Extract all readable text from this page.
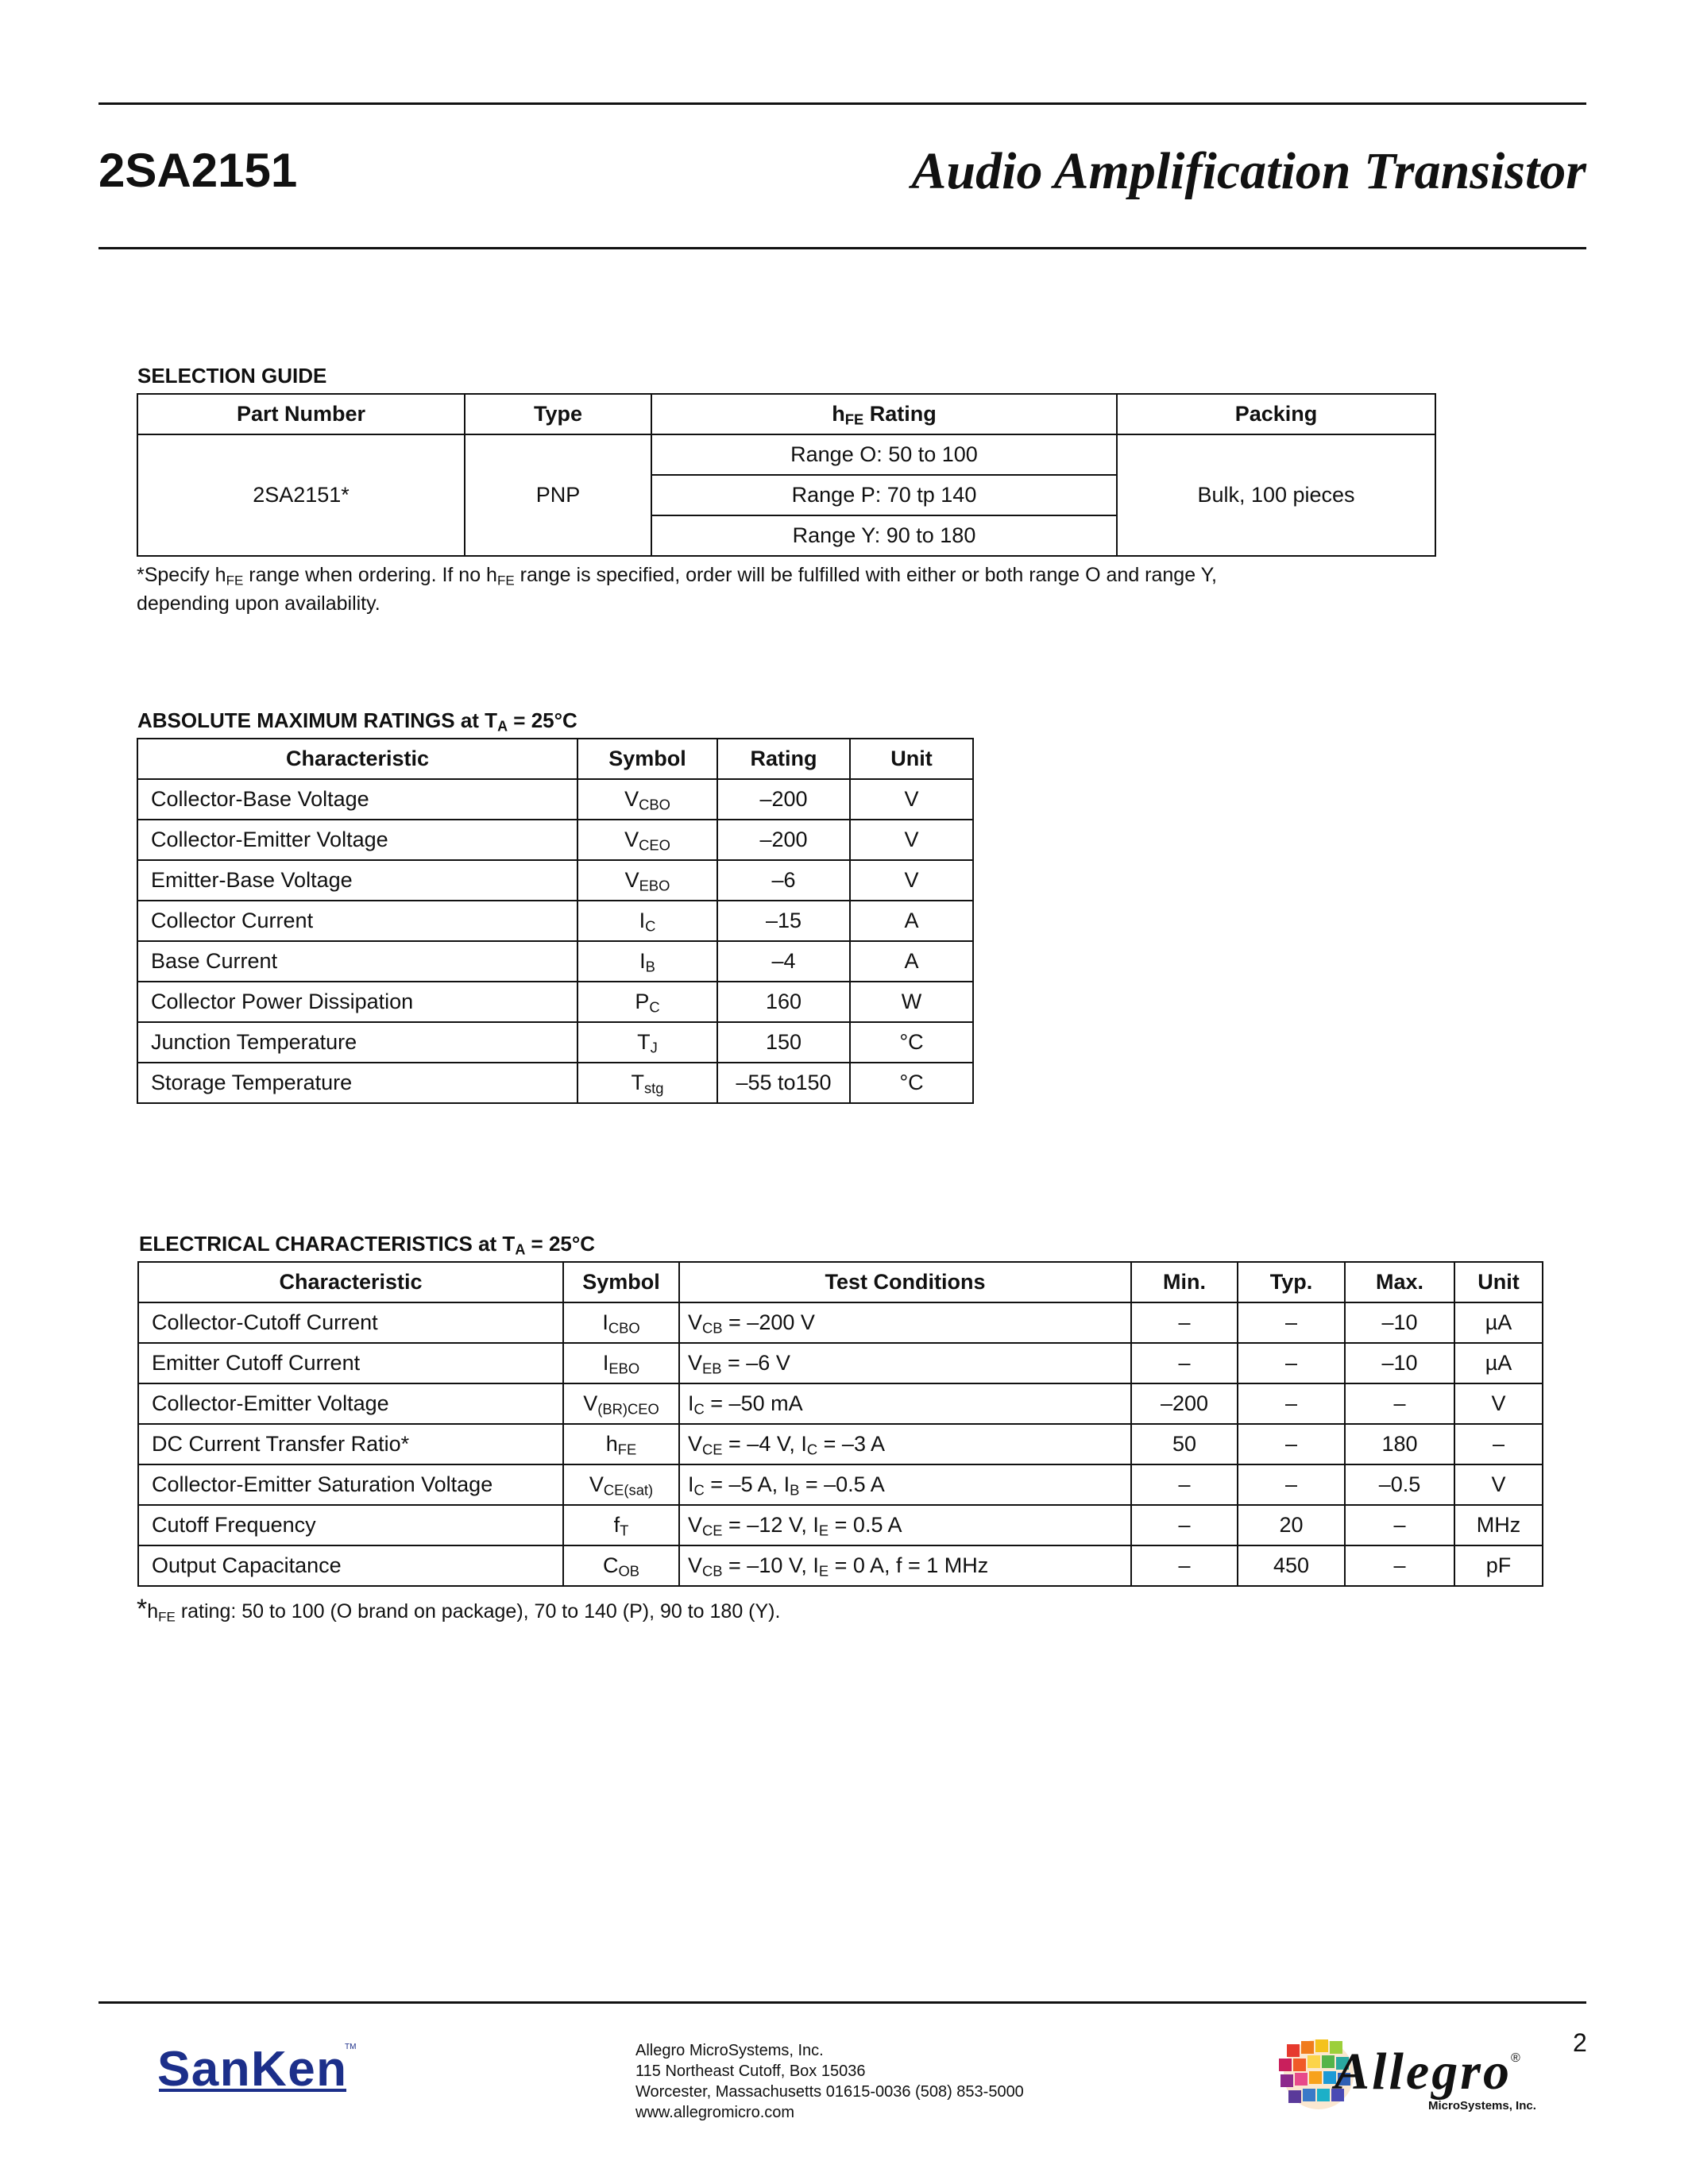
2SA2151	Audio Amplification Transistor
SELECTION GUIDE
Part Number	Type	$h_{FE}$ Rating	Packing
2SA2151*	PNP	Range O: 50 to 100	Bulk, 100 pieces
		Range P: 70 tp 140	
		Range Y: 90 to 180	
*Specify $h_{FE}$ range when ordering. If no $h_{FE}$ range is specified, order will be fulfilled with either or both range O and range Y,
depending upon availability.
ABSOLUTE MAXIMUM RATINGS at $T_A = 25^\circ C$
Characteristic	Symbol	Rating	Unit
Collector-Base Voltage	$V_{CBO}$	–200	V
Collector-Emitter Voltage	$V_{CEO}$	–200	V
Emitter-Base Voltage	$V_{EBO}$	–6	V
Collector Current	$I_C$	–15	A
Base Current	$I_B$	–4	A
Collector Power Dissipation	$P_C$	160	W
Junction Temperature	$T_J$	150	°C
Storage Temperature	$T_{stg}$	–55 to150	°C
ELECTRICAL CHARACTERISTICS at $T_A = 25^\circ C$
Characteristic	Symbol	Test Conditions	Min.	Typ.	Max.	Unit
Collector-Cutoff Current	$I_{CBO}$	$V_{CB} = -200$ V	–	–	–10	µA
Emitter Cutoff Current	$I_{EBO}$	$V_{EB} = -6$ V	–	–	–10	µA
Collector-Emitter Voltage	$V_{(BR)CEO}$	$I_C = -50$ mA	–200	–	–	V
DC Current Transfer Ratio*	$h_{FE}$	$V_{CE} = -4$ V, $I_C = -3$ A	50	–	180	–
Collector-Emitter Saturation Voltage	$V_{CE(sat)}$	$I_C = -5$ A, $I_B = -0.5$ A	–	–	–0.5	V
Cutoff Frequency	$f_T$	$V_{CE} = -12$ V, $I_E = 0.5$ A	–	20	–	MHz
Output Capacitance	$C_{OB}$	$V_{CB} = -10$ V, $I_E = 0$ A, f = 1 MHz	–	450	–	pF
$*h_{FE}$ rating: 50 to 100 (O brand on package), 70 to 140 (P), 90 to 180 (Y).
SanKen
TM	Allegro MicroSystems, Inc.
115 Northeast Cutoff, Box 15036
Worcester, Massachusetts 01615-0036 (508) 853-5000
www.allegromicro.com
Allegro ®
MicroSystems, Inc.
2
